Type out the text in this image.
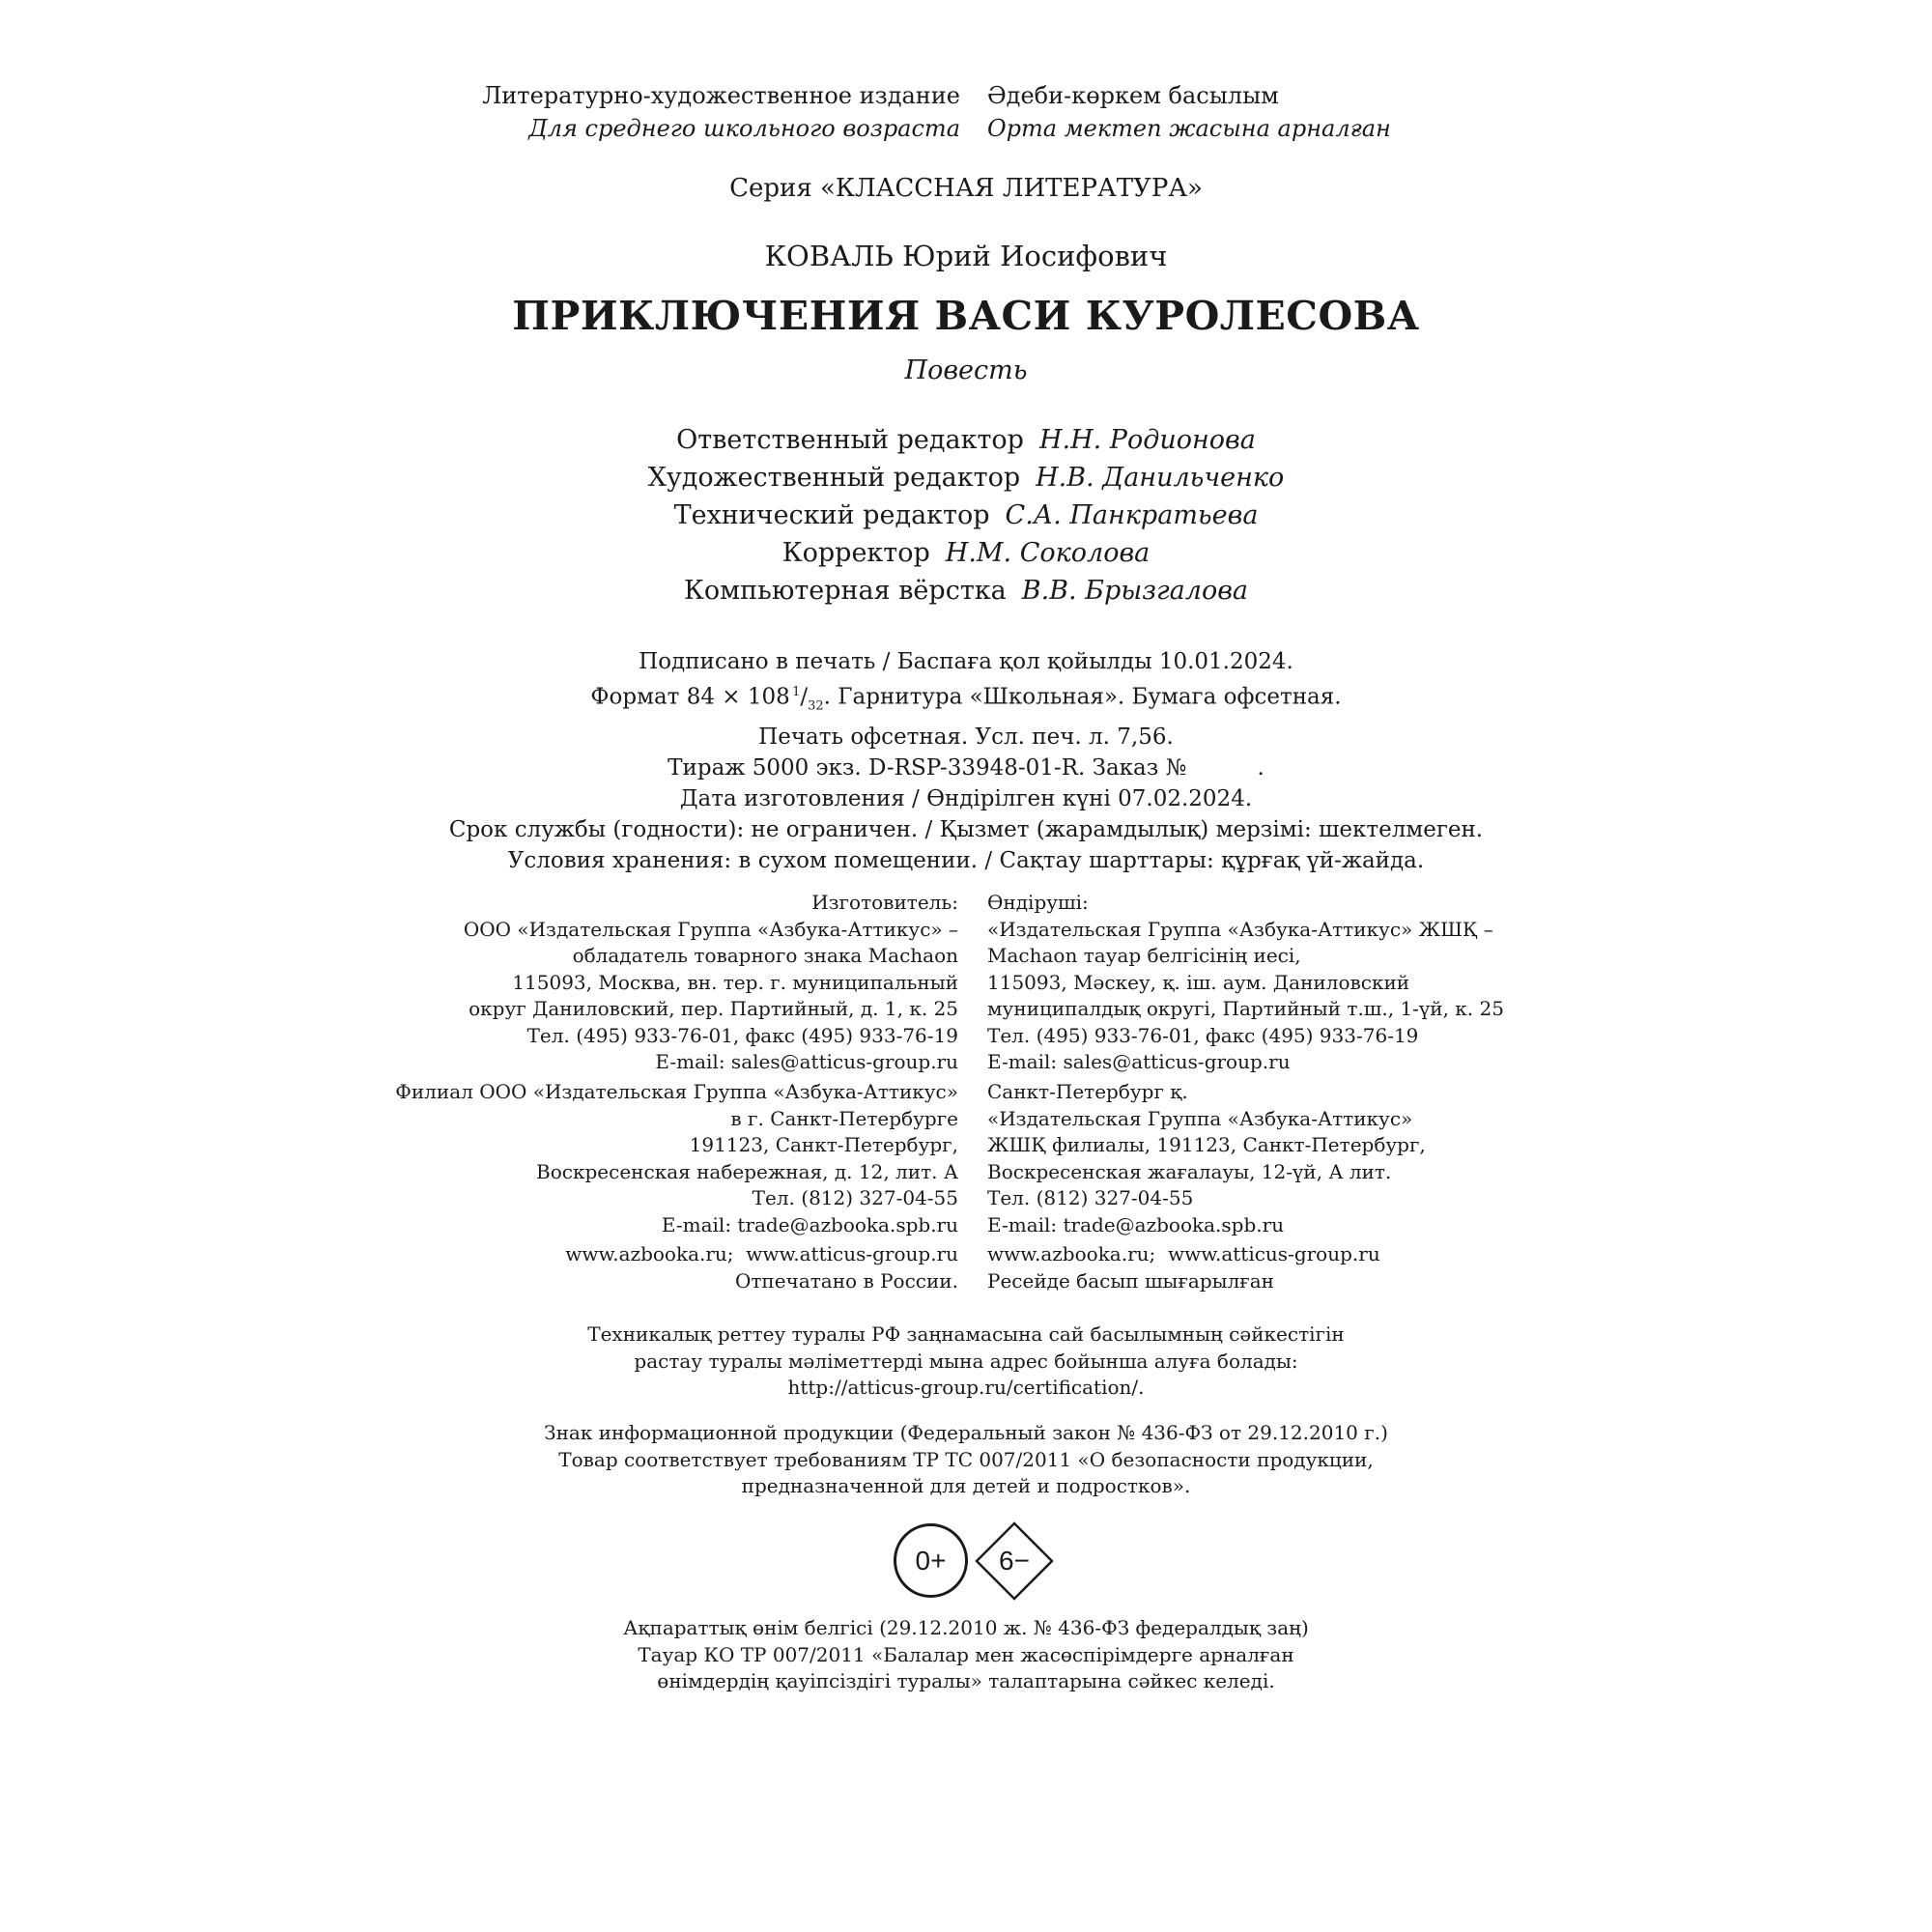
Литературно-художественное издание
Для среднего школьного возраста
Әдеби-көркем басылым
Орта мектеп жасына арналған
Серия «КЛАССНАЯ ЛИТЕРАТУРА»
КОВАЛЬ Юрий Иосифович
ПРИКЛЮЧЕНИЯ ВАСИ КУРОЛЕСОВА
Повесть
Ответственный редактор Н.Н. Родионова
Художественный редактор Н.В. Данильченко
Технический редактор С.А. Панкратьева
Корректор Н.М. Соколова
Компьютерная вёрстка В.В. Брызгалова
Подписано в печать / Баспаға қол қойылды 10.01.2024.
Формат 84 × 108  $^1/_{32}$. Гарнитура «Школьная». Бумага офсетная.
Печать офсетная. Усл. печ. л. 7,56.
Тираж 5000 экз. D-RSP-33948-01-R. Заказ №          .
Дата изготовления / Өндірілген күні 07.02.2024.
Срок службы (годности): не ограничен. / Қызмет (жарамдылық) мерзімі: шектелмеген.
Условия хранения: в сухом помещении. / Сақтау шарттары: құрғақ үй-жайда.
Изготовитель:
ООО «Издательская Группа «Азбука-Аттикус» –
обладатель товарного знака Machaon
115093, Москва, вн. тер. г. муниципальный
округ Даниловский, пер. Партийный, д. 1, к. 25
Тел. (495) 933-76-01, факс (495) 933-76-19
E-mail: sales@atticus-group.ru
Өндіруші:
«Издательская Группа «Азбука-Аттикус» ЖШҚ –
Machaon тауар белгісінің иесі,
115093, Мәскеу, қ. іш. аум. Даниловский
муниципалдық округі, Партийный т.ш., 1-үй, к. 25
Тел. (495) 933-76-01, факс (495) 933-76-19
E-mail: sales@atticus-group.ru
Филиал ООО «Издательская Группа «Азбука-Аттикус»
в г. Санкт-Петербурге
191123, Санкт-Петербург,
Воскресенская набережная, д. 12, лит. А
Тел. (812) 327-04-55
E-mail: trade@azbooka.spb.ru
Санкт-Петербург қ.
«Издательская Группа «Азбука-Аттикус»
ЖШҚ филиалы, 191123, Санкт-Петербург,
Воскресенская жағалауы, 12-үй, А лит.
Тел. (812) 327-04-55
E-mail: trade@azbooka.spb.ru
www.azbooka.ru;  www.atticus-group.ru
Отпечатано в России.
www.azbooka.ru;  www.atticus-group.ru
Ресейде басып шығарылған
Техникалық реттеу туралы РФ заңнамасына сай басылымның сәйкестігін
растау туралы мәліметтерді мына адрес бойынша алуға болады:
http://atticus-group.ru/certification/.
Знак информационной продукции (Федеральный закон № 436-ФЗ от 29.12.2010 г.)
Товар соответствует требованиям ТР ТС 007/2011 «О безопасности продукции,
предназначенной для детей и подростков».
0+	6−
Ақпараттық өнім белгісі (29.12.2010 ж. № 436-ФЗ федералдық заң)
Тауар КО ТР 007/2011 «Балалар мен жасөспірімдерге арналған
өнімдердің қауіпсіздігі туралы» талаптарына сәйкес келеді.
